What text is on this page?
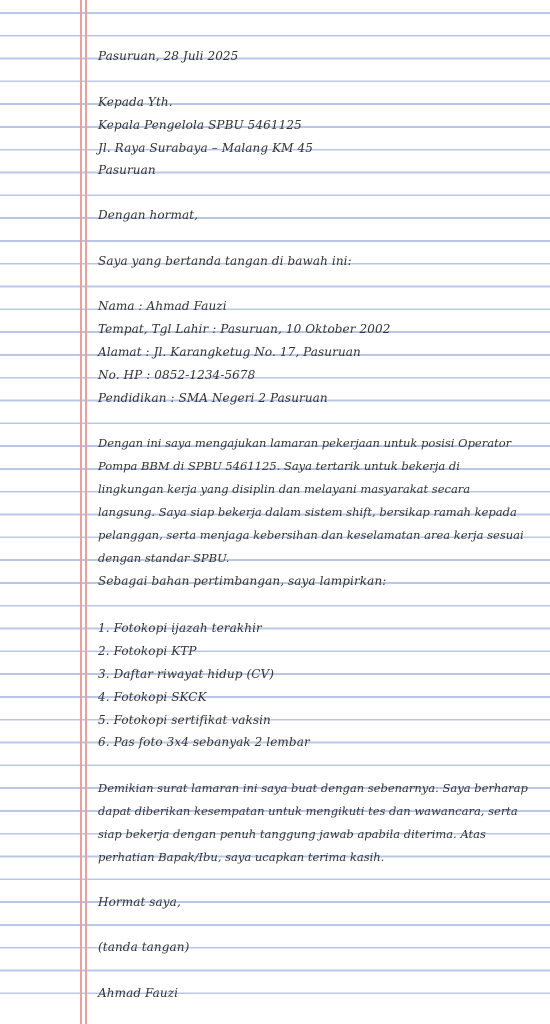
Pasuruan, 28 Juli 2025
Kepada Yth.
Kepala Pengelola SPBU 5461125
Jl. Raya Surabaya – Malang KM 45
Pasuruan
Dengan hormat,
Saya yang bertanda tangan di bawah ini:
Nama : Ahmad Fauzi
Tempat, Tgl Lahir : Pasuruan, 10 Oktober 2002
Alamat : Jl. Karangketug No. 17, Pasuruan
No. HP : 0852-1234-5678
Pendidikan : SMA Negeri 2 Pasuruan
Dengan ini saya mengajukan lamaran pekerjaan untuk posisi Operator Pompa BBM di SPBU 5461125. Saya tertarik untuk bekerja di lingkungan kerja yang disiplin dan melayani masyarakat secara langsung. Saya siap bekerja dalam sistem shift, bersikap ramah kepada pelanggan, serta menjaga kebersihan dan keselamatan area kerja sesuai dengan standar SPBU.
Sebagai bahan pertimbangan, saya lampirkan:
1. Fotokopi ijazah terakhir
2. Fotokopi KTP
3. Daftar riwayat hidup (CV)
4. Fotokopi SKCK
5. Fotokopi sertifikat vaksin
6. Pas foto 3x4 sebanyak 2 lembar
Demikian surat lamaran ini saya buat dengan sebenarnya. Saya berharap dapat diberikan kesempatan untuk mengikuti tes dan wawancara, serta siap bekerja dengan penuh tanggung jawab apabila diterima. Atas perhatian Bapak/Ibu, saya ucapkan terima kasih.
Hormat saya,
(tanda tangan)
Ahmad Fauzi
